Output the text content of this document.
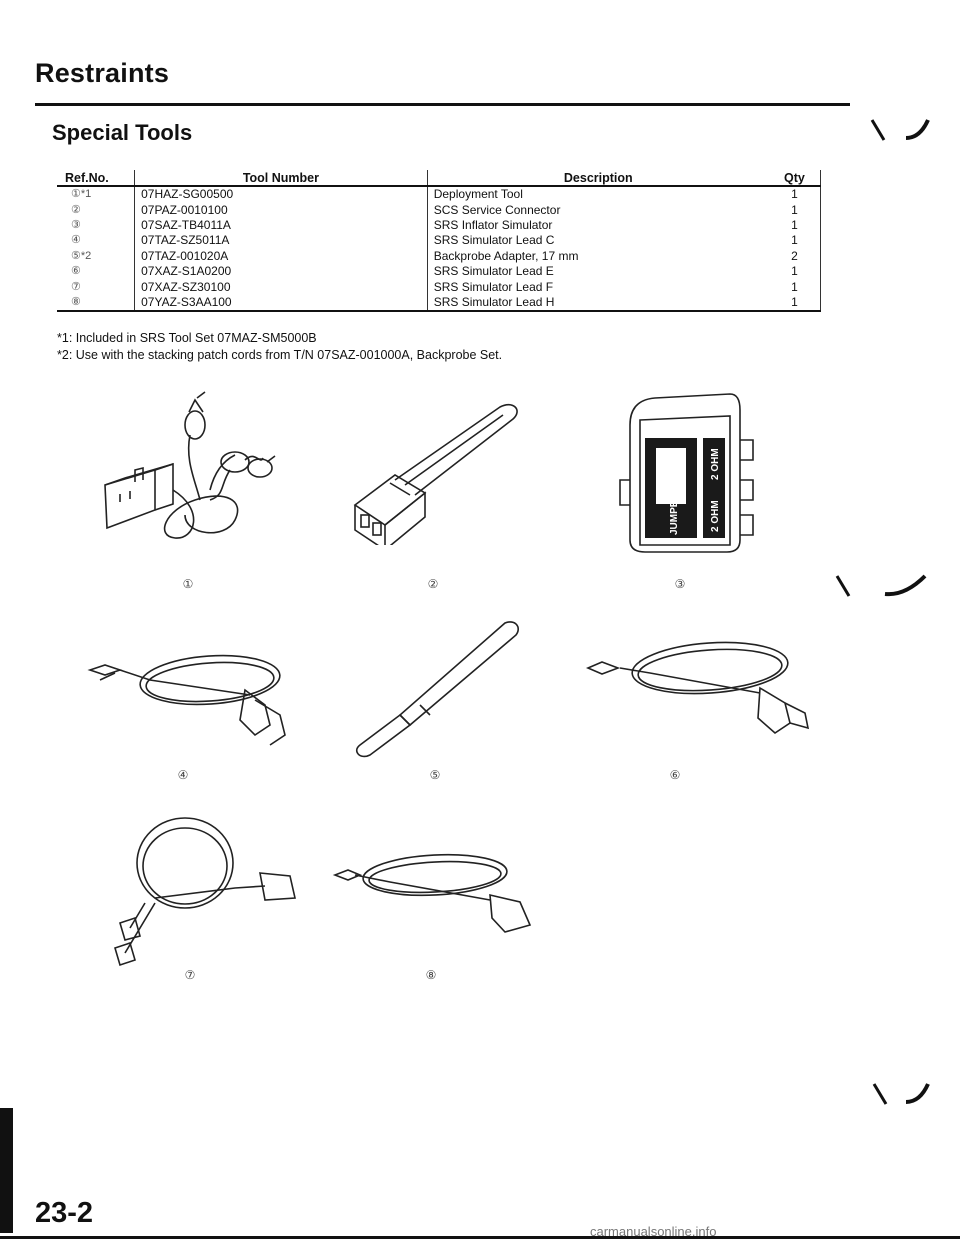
Restraints
Special Tools
Ref.No.	Tool Number	Description	Qty
①*1	07HAZ-SG00500	Deployment Tool	1
②	07PAZ-0010100	SCS Service Connector	1
③	07SAZ-TB4011A	SRS Inflator Simulator	1
④	07TAZ-SZ5011A	SRS Simulator Lead C	1
⑤*2	07TAZ-001020A	Backprobe Adapter, 17 mm	2
⑥	07XAZ-S1A0200	SRS Simulator Lead E	1
⑦	07XAZ-SZ30100	SRS Simulator Lead F	1
⑧	07YAZ-S3AA100	SRS Simulator Lead H	1
*1: Included in SRS Tool Set 07MAZ-SM5000B
*2: Use with the stacking patch cords from T/N 07SAZ-001000A, Backprobe Set.
JUMPER	2 OHM
2 OHM
①	②	③
④	⑤	⑥
⑦	⑧
23-2
carmanualsonline.info
